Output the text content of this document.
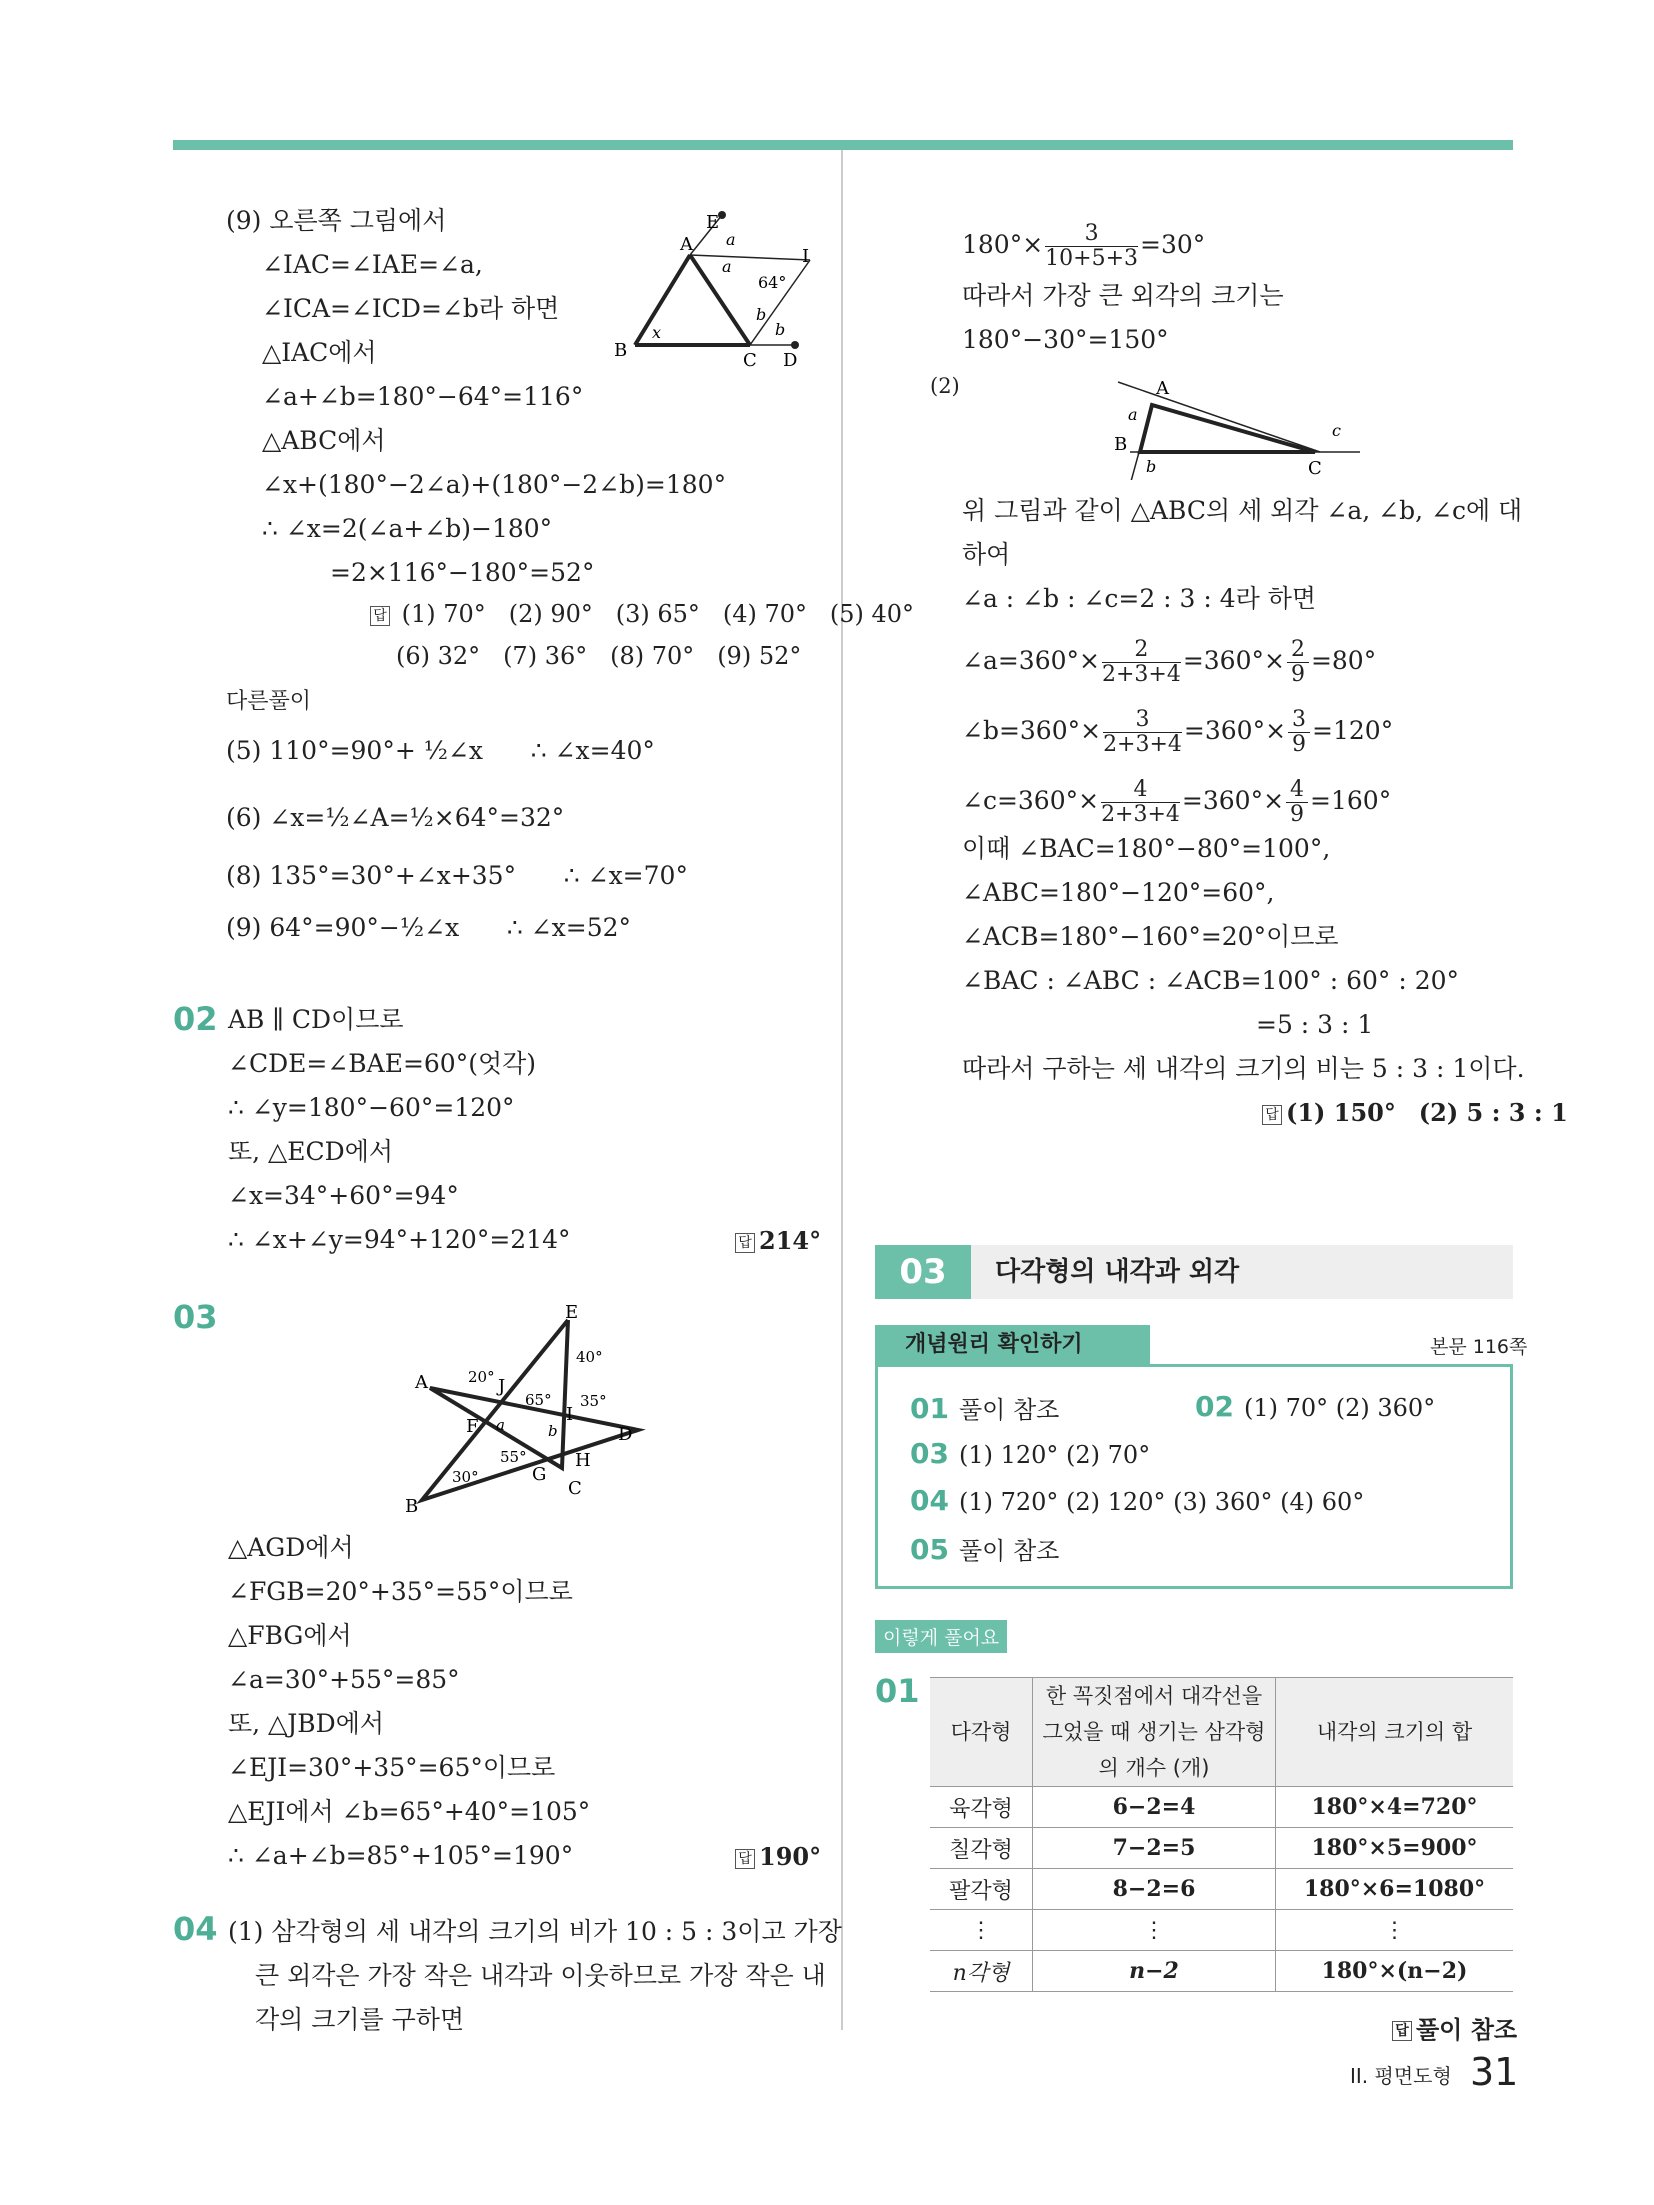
(9) 오른쪽 그림에서
∠IAC=∠IAE=∠a,
∠ICA=∠ICD=∠b라 하면
△IAC에서
∠a+∠b=180°−64°=116°
△ABC에서
∠x+(180°−2∠a)+(180°−2∠b)=180°
∴ ∠x=2(∠a+∠b)−180°
=2×116°−180°=52°
E
A a
a
64°
I
b
b
x
B	C D
답 (1) 70° (2) 90° (3) 65° (4) 70° (5) 40°
(6) 32° (7) 36° (8) 70° (9) 52°
다른풀이
(5) 110°=90°+ ½∠x ∴ ∠x=40°
(6) ∠x=½∠A=½×64°=32°
(8) 135°=30°+∠x+35° ∴ ∠x=70°
(9) 64°=90°−½∠x ∴ ∠x=52°
02 AB ∥ CD이므로
∠CDE=∠BAE=60°(엇각)
∴ ∠y=180°−60°=120°
또, △ECD에서
∠x=34°+60°=94°
∴ ∠x+∠y=94°+120°=214°	답 214°
03	E
40°
A	20° J
65° 35°
I
F a	b	D
55°	H
G
30°
B
C
△AGD에서
∠FGB=20°+35°=55°이므로
△FBG에서
∠a=30°+55°=85°
또, △JBD에서
∠EJI=30°+35°=65°이므로
△EJI에서 ∠b=65°+40°=105°
∴ ∠a+∠b=85°+105°=190°	답 190°
04 (1) 삼각형의 세 내각의 크기의 비가 10 : 5 : 3이고 가장
큰 외각은 가장 작은 내각과 이웃하므로 가장 작은 내
각의 크기를 구하면
$180^\circ\times \frac{3}{10+5+3} =30^\circ$
따라서 가장 큰 외각의 크기는
180°−30°=150°
(2)	A
a
B
b
c
C
위 그림과 같이 △ABC의 세 외각 ∠a, ∠b, ∠c에 대
하여
∠a : ∠b : ∠c=2 : 3 : 4라 하면
∠a=360°× $\frac{2}{2+3+4} =360^\circ\times \frac{2}{9} =80^\circ$
∠b=360°× $\frac{3}{2+3+4} =360^\circ\times \frac{3}{9} =120^\circ$
∠c=360°× $\frac{4}{2+3+4} =360^\circ\times \frac{4}{9} =160^\circ$
이때 ∠BAC=180°−80°=100°,
∠ABC=180°−120°=60°,
∠ACB=180°−160°=20°이므로
∠BAC : ∠ABC : ∠ACB=100° : 60° : 20°
=5 : 3 : 1
따라서 구하는 세 내각의 크기의 비는 5 : 3 : 1이다.
답 (1) 150° (2) 5 : 3 : 1
03	다각형의 내각과 외각
개념원리 확인하기	본문 116쪽
01 풀이 참조	02 (1) 70° (2) 360°
03 (1) 120° (2) 70°
04 (1) 720° (2) 120° (3) 360° (4) 60°
05 풀이 참조
이렇게 풀어요
01
다각형	한 꼭짓점에서 대각선을 그었을 때 생기는 삼각형의 개수 (개)	내각의 크기의 합
육각형	6−2=4	180°×4=720°
칠각형	7−2=5	180°×5=900°
팔각형	8−2=6	180°×6=1080°
⋮	⋮	⋮
n각형	n−2	180°×(n−2)
답 풀이 참조
II. 평면도형 31
